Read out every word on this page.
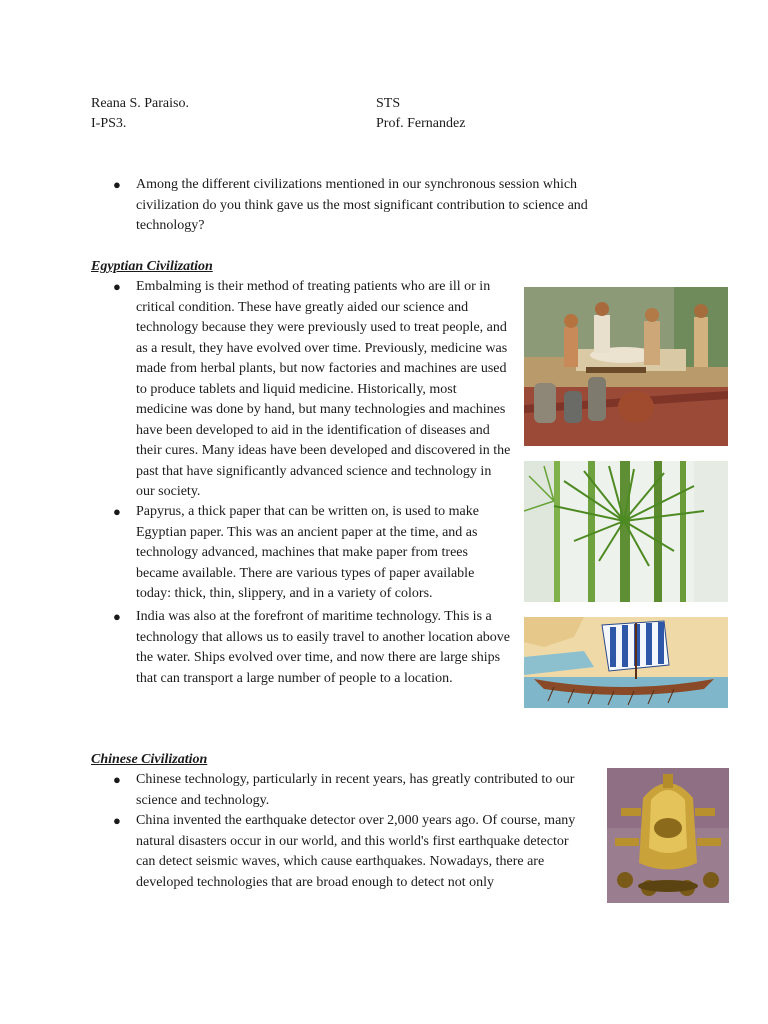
Reana S. Paraiso.
I-PS3.
STS
Prof. Fernandez
● Among the different civilizations mentioned in our synchronous session which civilization do you think gave us the most significant contribution to science and technology?
Egyptian Civilization
● Embalming is their method of treating patients who are ill or in critical condition. These have greatly aided our science and technology because they were previously used to treat people, and as a result, they have evolved over time. Previously, medicine was made from herbal plants, but now factories and machines are used to produce tablets and liquid medicine. Historically, most medicine was done by hand, but many technologies and machines have been developed to aid in the identification of diseases and their cures. Many ideas have been developed and discovered in the past that have significantly advanced science and technology in our society.
● Papyrus, a thick paper that can be written on, is used to make Egyptian paper. This was an ancient paper at the time, and as technology advanced, machines that make paper from trees became available. There are various types of paper available today: thick, thin, slippery, and in a variety of colors.
● India was also at the forefront of maritime technology. This is a technology that allows us to easily travel to another location above the water. Ships evolved over time, and now there are large ships that can transport a large number of people to a location.
Chinese Civilization
● Chinese technology, particularly in recent years, has greatly contributed to our science and technology.
● China invented the earthquake detector over 2,000 years ago. Of course, many natural disasters occur in our world, and this world's first earthquake detector can detect seismic waves, which cause earthquakes. Nowadays, there are developed technologies that are broad enough to detect not only
